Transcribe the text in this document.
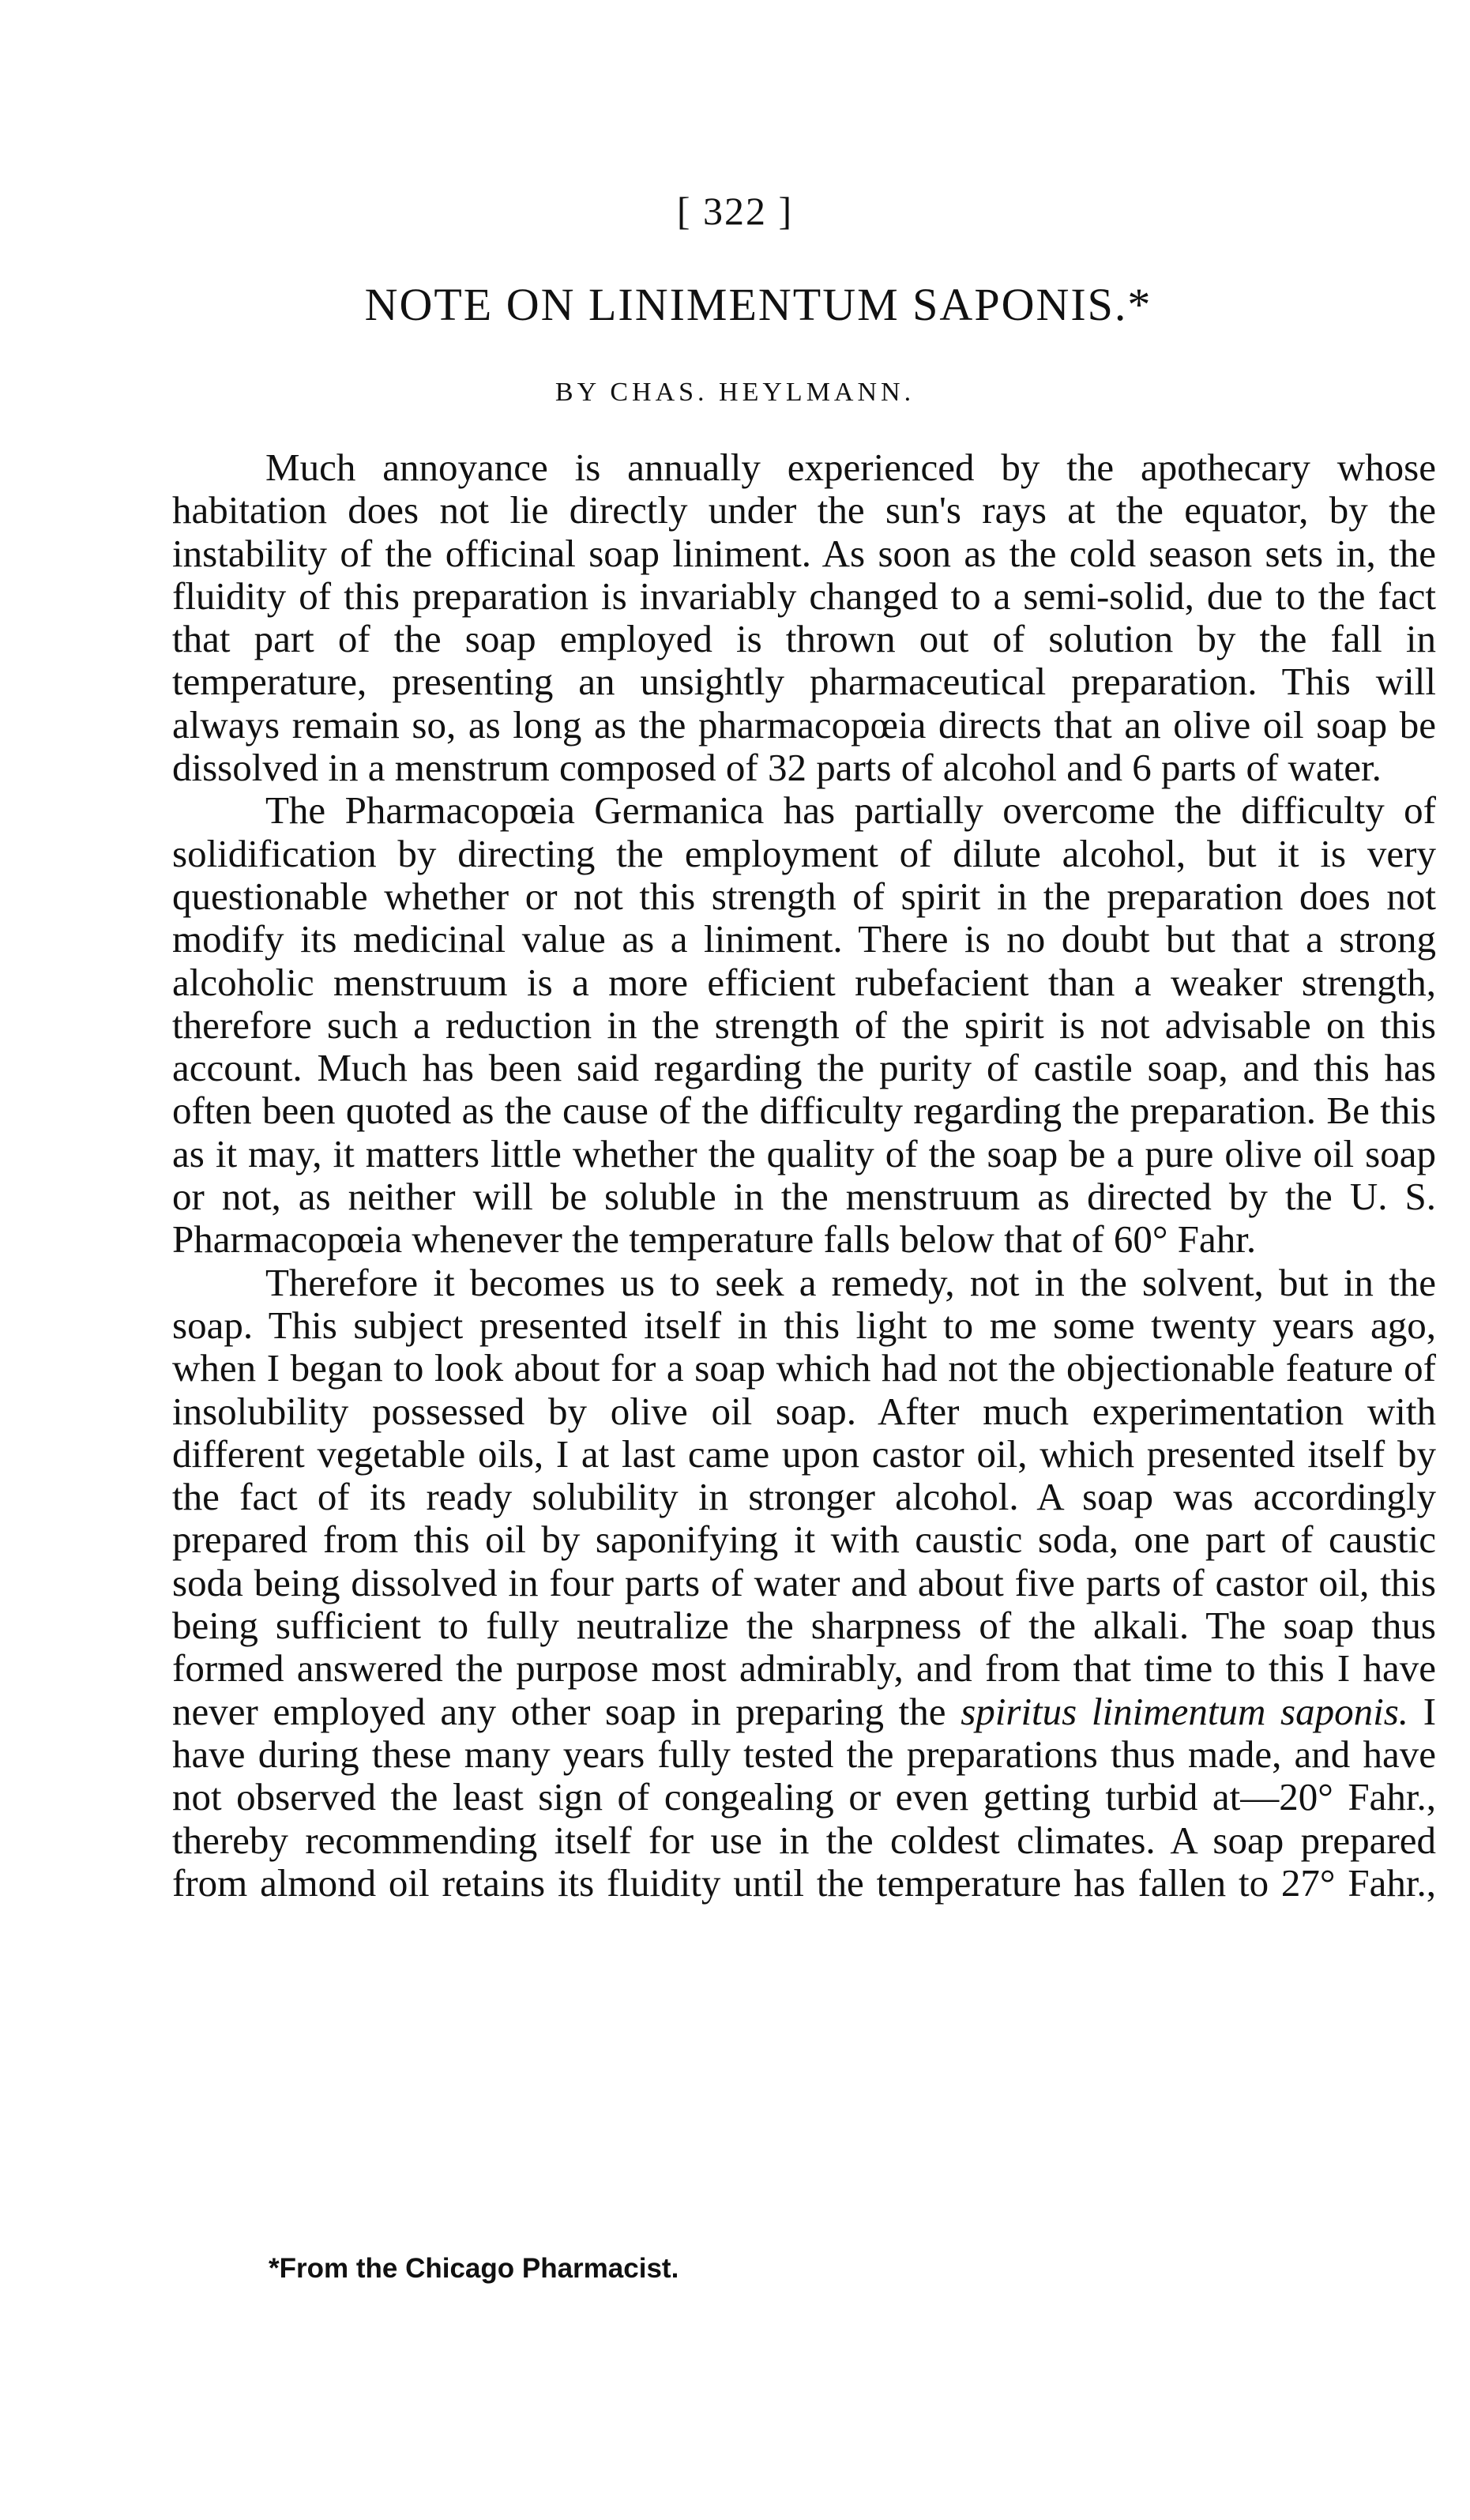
[ 322 ]
NOTE ON LINIMENTUM SAPONIS.*
BY CHAS. HEYLMANN.

Much annoyance is annually experienced by the apothecary whose habitation does not lie directly under the sun's rays at the equator, by the instability of the officinal soap liniment. As soon as the cold season sets in, the fluidity of this preparation is invariably changed to a semi-solid, due to the fact that part of the soap employed is thrown out of solution by the fall in temperature, presenting an unsightly pharmaceutical preparation. This will always remain so, as long as the pharmacopœia directs that an olive oil soap be dissolved in a menstrum composed of 32 parts of alcohol and 6 parts of water.

The Pharmacopœia Germanica has partially overcome the difficulty of solidification by directing the employment of dilute alcohol, but it is very questionable whether or not this strength of spirit in the preparation does not modify its medicinal value as a liniment. There is no doubt but that a strong alcoholic menstruum is a more efficient rubefacient than a weaker strength, therefore such a reduction in the strength of the spirit is not advisable on this account. Much has been said regarding the purity of castile soap, and this has often been quoted as the cause of the difficulty regarding the preparation. Be this as it may, it matters little whether the quality of the soap be a pure olive oil soap or not, as neither will be soluble in the menstruum as directed by the U. S. Pharmacopœia whenever the temperature falls below that of 60° Fahr.

Therefore it becomes us to seek a remedy, not in the solvent, but in the soap. This subject presented itself in this light to me some twenty years ago, when I began to look about for a soap which had not the objectionable feature of insolubility possessed by olive oil soap. After much experimentation with different vegetable oils, I at last came upon castor oil, which presented itself by the fact of its ready solubility in stronger alcohol. A soap was accordingly prepared from this oil by saponifying it with caustic soda, one part of caustic soda being dissolved in four parts of water and about five parts of castor oil, this being sufficient to fully neutralize the sharpness of the alkali. The soap thus formed answered the purpose most admirably, and from that time to this I have never employed any other soap in preparing the spiritus linimentum saponis. I have during these many years fully tested the preparations thus made, and have not observed the least sign of congealing or even getting turbid at—20° Fahr., thereby recommending itself for use in the coldest climates. A soap prepared from almond oil retains its fluidity until the temperature has fallen to 27° Fahr.,

*From the Chicago Pharmacist.
